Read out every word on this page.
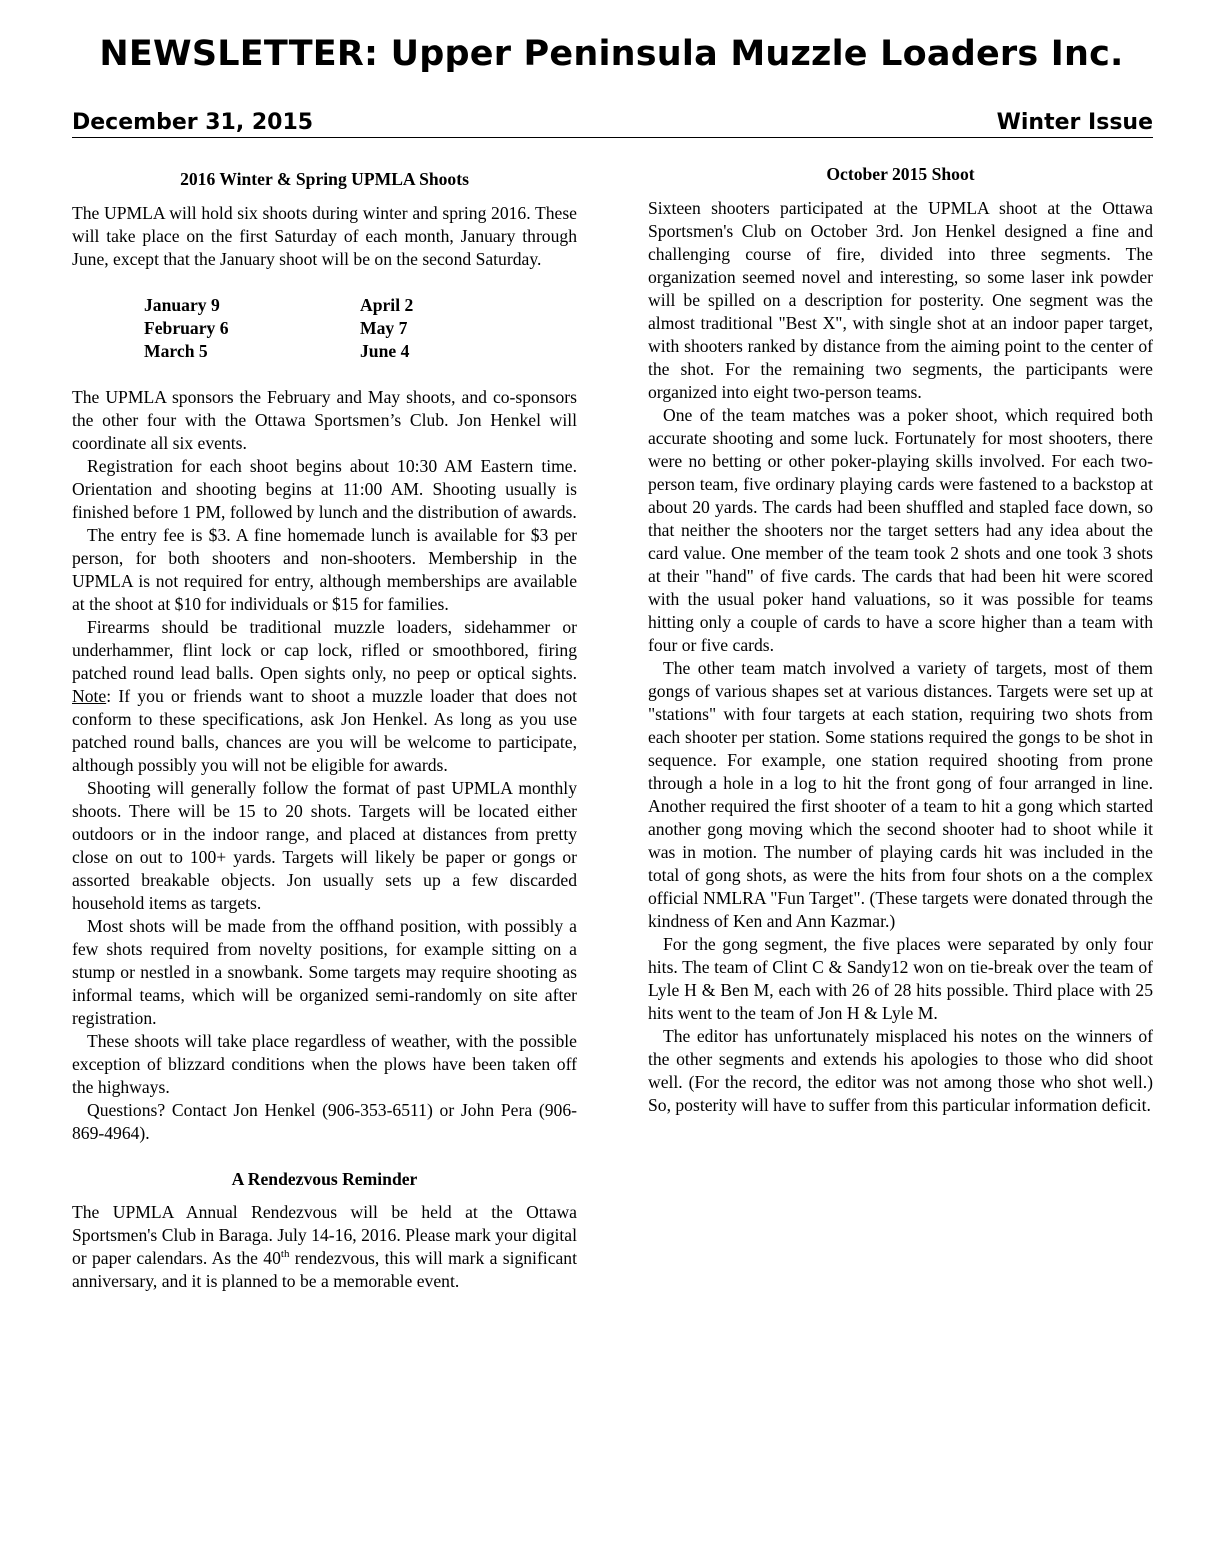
NEWSLETTER: Upper Peninsula Muzzle Loaders Inc.
December 31, 2015	Winter Issue
2016 Winter & Spring UPMLA Shoots

The UPMLA will hold six shoots during winter and spring 2016. These will take place on the first Saturday of each month, January through June, except that the January shoot will be on the second Saturday.

January 9	April 2
February 6	May 7
March 5	June 4

The UPMLA sponsors the February and May shoots, and co-sponsors the other four with the Ottawa Sportsmen’s Club. Jon Henkel will coordinate all six events.

Registration for each shoot begins about 10:30 AM Eastern time. Orientation and shooting begins at 11:00 AM. Shooting usually is finished before 1 PM, followed by lunch and the distribution of awards.

The entry fee is $3. A fine homemade lunch is available for $3 per person, for both shooters and non-shooters. Membership in the UPMLA is not required for entry, although memberships are available at the shoot at $10 for individuals or $15 for families.

Firearms should be traditional muzzle loaders, sidehammer or underhammer, flint lock or cap lock, rifled or smoothbored, firing patched round lead balls. Open sights only, no peep or optical sights. Note: If you or friends want to shoot a muzzle loader that does not conform to these specifications, ask Jon Henkel. As long as you use patched round balls, chances are you will be welcome to participate, although possibly you will not be eligible for awards.

Shooting will generally follow the format of past UPMLA monthly shoots. There will be 15 to 20 shots. Targets will be located either outdoors or in the indoor range, and placed at distances from pretty close on out to 100+ yards. Targets will likely be paper or gongs or assorted breakable objects. Jon usually sets up a few discarded household items as targets.

Most shots will be made from the offhand position, with possibly a few shots required from novelty positions, for example sitting on a stump or nestled in a snowbank. Some targets may require shooting as informal teams, which will be organized semi-randomly on site after registration.

These shoots will take place regardless of weather, with the possible exception of blizzard conditions when the plows have been taken off the highways.

Questions? Contact Jon Henkel (906-353-6511) or John Pera (906-869-4964).

A Rendezvous Reminder

The UPMLA Annual Rendezvous will be held at the Ottawa Sportsmen's Club in Baraga. July 14-16, 2016. Please mark your digital or paper calendars. As the 40th rendezvous, this will mark a significant anniversary, and it is planned to be a memorable event.

October 2015 Shoot

Sixteen shooters participated at the UPMLA shoot at the Ottawa Sportsmen's Club on October 3rd. Jon Henkel designed a fine and challenging course of fire, divided into three segments. The organization seemed novel and interesting, so some laser ink powder will be spilled on a description for posterity. One segment was the almost traditional "Best X", with single shot at an indoor paper target, with shooters ranked by distance from the aiming point to the center of the shot. For the remaining two segments, the participants were organized into eight two-person teams.

One of the team matches was a poker shoot, which required both accurate shooting and some luck. Fortunately for most shooters, there were no betting or other poker-playing skills involved. For each two-person team, five ordinary playing cards were fastened to a backstop at about 20 yards. The cards had been shuffled and stapled face down, so that neither the shooters nor the target setters had any idea about the card value. One member of the team took 2 shots and one took 3 shots at their "hand" of five cards. The cards that had been hit were scored with the usual poker hand valuations, so it was possible for teams hitting only a couple of cards to have a score higher than a team with four or five cards.

The other team match involved a variety of targets, most of them gongs of various shapes set at various distances. Targets were set up at "stations" with four targets at each station, requiring two shots from each shooter per station. Some stations required the gongs to be shot in sequence. For example, one station required shooting from prone through a hole in a log to hit the front gong of four arranged in line. Another required the first shooter of a team to hit a gong which started another gong moving which the second shooter had to shoot while it was in motion. The number of playing cards hit was included in the total of gong shots, as were the hits from four shots on a the complex official NMLRA "Fun Target". (These targets were donated through the kindness of Ken and Ann Kazmar.)

For the gong segment, the five places were separated by only four hits. The team of Clint C & Sandy12 won on tie-break over the team of Lyle H & Ben M, each with 26 of 28 hits possible. Third place with 25 hits went to the team of Jon H & Lyle M.

The editor has unfortunately misplaced his notes on the winners of the other segments and extends his apologies to those who did shoot well. (For the record, the editor was not among those who shot well.) So, posterity will have to suffer from this particular information deficit.
